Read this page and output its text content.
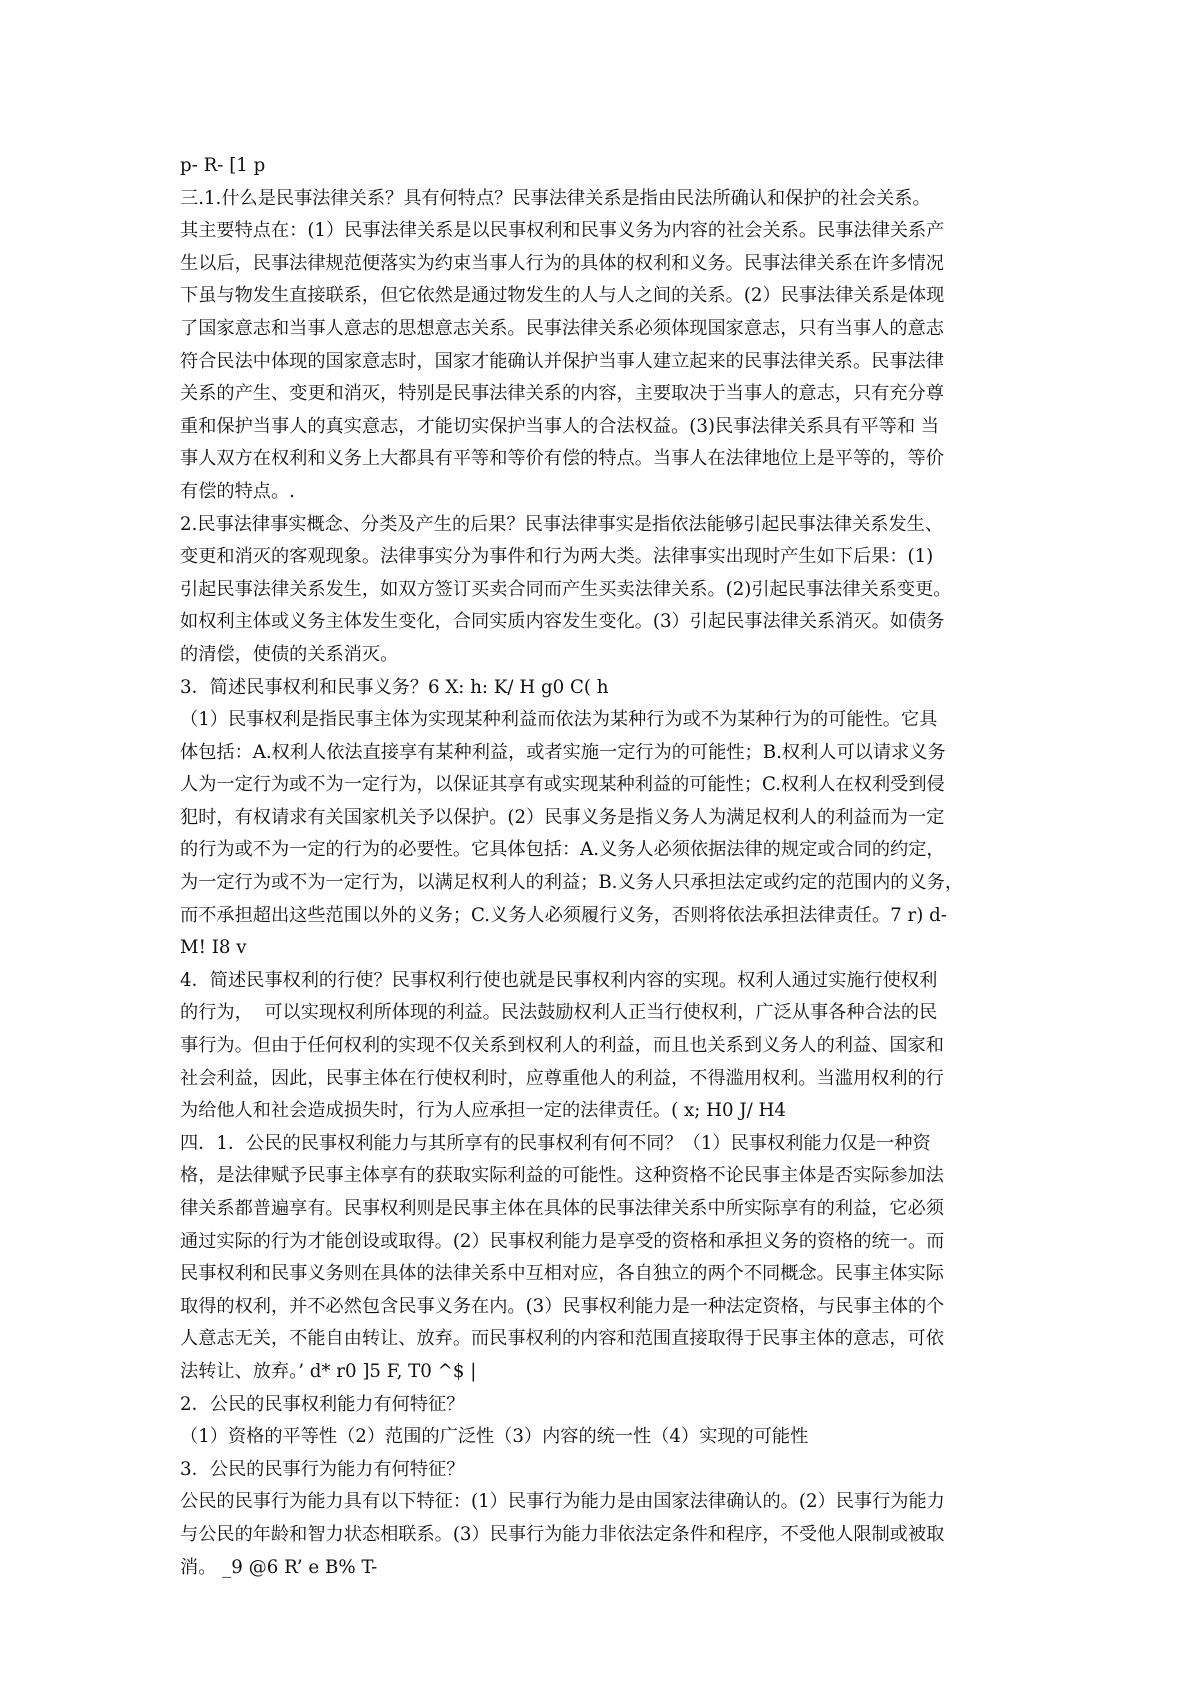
p- R- [1 p
三.1.什么是民事法律关系？具有何特点？民事法律关系是指由民法所确认和保护的社会关系。
其主要特点在：(1）民事法律关系是以民事权利和民事义务为内容的社会关系。民事法律关系产
生以后，民事法律规范便落实为约束当事人行为的具体的权利和义务。民事法律关系在许多情况
下虽与物发生直接联系，但它依然是通过物发生的人与人之间的关系。(2）民事法律关系是体现
了国家意志和当事人意志的思想意志关系。民事法律关系必须体现国家意志，只有当事人的意志
符合民法中体现的国家意志时，国家才能确认并保护当事人建立起来的民事法律关系。民事法律
关系的产生、变更和消灭，特别是民事法律关系的内容，主要取决于当事人的意志，只有充分尊
重和保护当事人的真实意志，才能切实保护当事人的合法权益。(3)民事法律关系具有平等和 当
事人双方在权利和义务上大都具有平等和等价有偿的特点。当事人在法律地位上是平等的，等价
有偿的特点。.
2.民事法律事实概念、分类及产生的后果？民事法律事实是指依法能够引起民事法律关系发生、
变更和消灭的客观现象。法律事实分为事件和行为两大类。法律事实出现时产生如下后果：(1)
引起民事法律关系发生，如双方签订买卖合同而产生买卖法律关系。(2)引起民事法律关系变更。
如权利主体或义务主体发生变化，合同实质内容发生变化。(3）引起民事法律关系消灭。如债务
的清偿，使债的关系消灭。
3．简述民事权利和民事义务？6 X: h: K/ H g0 C( h
（1）民事权利是指民事主体为实现某种利益而依法为某种行为或不为某种行为的可能性。它具
体包括：A.权利人依法直接享有某种利益，或者实施一定行为的可能性；B.权利人可以请求义务
人为一定行为或不为一定行为，以保证其享有或实现某种利益的可能性；C.权利人在权利受到侵
犯时，有权请求有关国家机关予以保护。(2）民事义务是指义务人为满足权利人的利益而为一定
的行为或不为一定的行为的必要性。它具体包括：A.义务人必须依据法律的规定或合同的约定，
为一定行为或不为一定行为，以满足权利人的利益；B.义务人只承担法定或约定的范围内的义务，
而不承担超出这些范围以外的义务；C.义务人必须履行义务，否则将依法承担法律责任。7 r) d-
M! I8 v
4．简述民事权利的行使？民事权利行使也就是民事权利内容的实现。权利人通过实施行使权利
的行为，  可以实现权利所体现的利益。民法鼓励权利人正当行使权利，广泛从事各种合法的民
事行为。但由于任何权利的实现不仅关系到权利人的利益，而且也关系到义务人的利益、国家和
社会利益，因此，民事主体在行使权利时，应尊重他人的利益，不得滥用权利。当滥用权利的行
为给他人和社会造成损失时，行为人应承担一定的法律责任。( x; H0 J/ H4
四．1．公民的民事权利能力与其所享有的民事权利有何不同？（1）民事权利能力仅是一种资
格，是法律赋予民事主体享有的获取实际利益的可能性。这种资格不论民事主体是否实际参加法
律关系都普遍享有。民事权利则是民事主体在具体的民事法律关系中所实际享有的利益，它必须
通过实际的行为才能创设或取得。(2）民事权利能力是享受的资格和承担义务的资格的统一。而
民事权利和民事义务则在具体的法律关系中互相对应，各自独立的两个不同概念。民事主体实际
取得的权利，并不必然包含民事义务在内。(3）民事权利能力是一种法定资格，与民事主体的个
人意志无关，不能自由转让、放弃。而民事权利的内容和范围直接取得于民事主体的意志，可依
法转让、放弃。’ d* r0 ]5 F, T0 ^$ |
2．公民的民事权利能力有何特征？
（1）资格的平等性（2）范围的广泛性（3）内容的统一性（4）实现的可能性
3．公民的民事行为能力有何特征？
公民的民事行为能力具有以下特征：(1）民事行为能力是由国家法律确认的。(2）民事行为能力
与公民的年龄和智力状态相联系。(3）民事行为能力非依法定条件和程序，不受他人限制或被取
消。 _9 @6 R’ e B% T-
